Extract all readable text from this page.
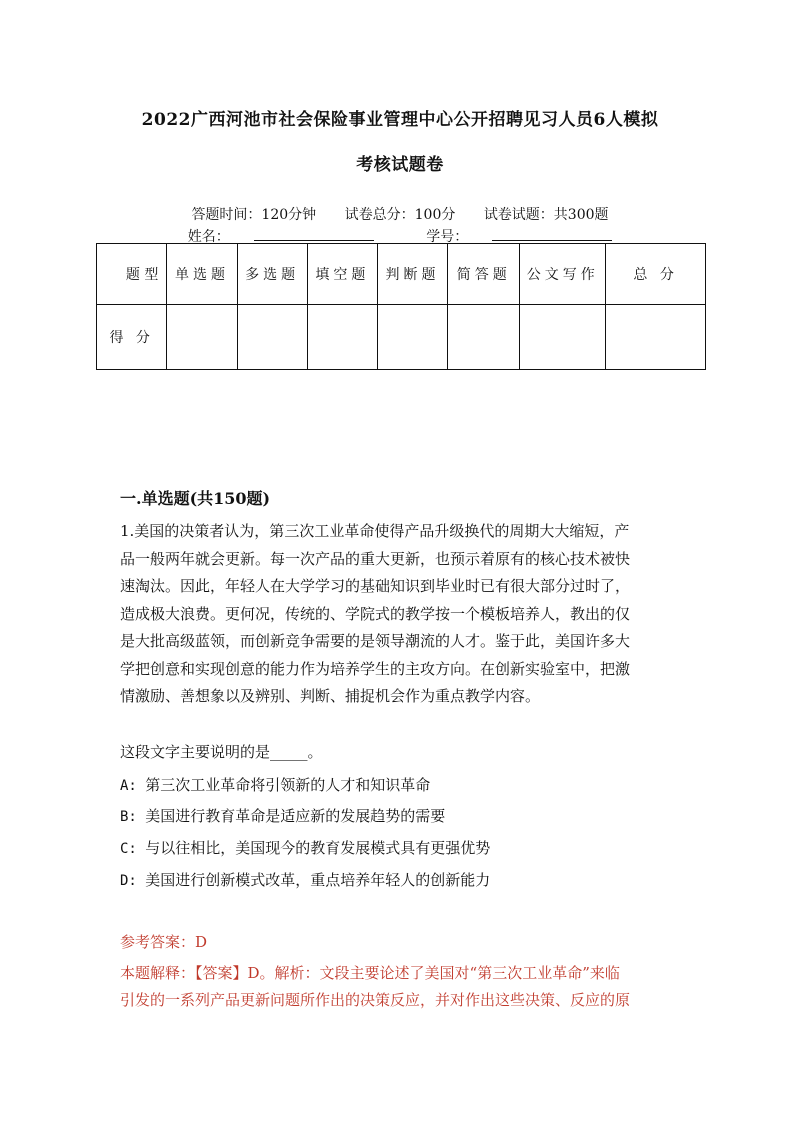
2022广西河池市社会保险事业管理中心公开招聘见习人员6人模拟
考核试题卷
答题时间：120分钟 试卷总分：100分 试卷试题：共300题
姓名：	学号：
题 型	单选题	多选题	填空题	判断题	简答题	公文写作	总 分
得 分							
一.单选题(共150题)
1.美国的决策者认为，第三次工业革命使得产品升级换代的周期大大缩短，产
品一般两年就会更新。每一次产品的重大更新，也预示着原有的核心技术被快
速淘汰。因此，年轻人在大学学习的基础知识到毕业时已有很大部分过时了，
造成极大浪费。更何况，传统的、学院式的教学按一个模板培养人，教出的仅
是大批高级蓝领，而创新竞争需要的是领导潮流的人才。鉴于此，美国许多大
学把创意和实现创意的能力作为培养学生的主攻方向。在创新实验室中，把激
情激励、善想象以及辨别、判断、捕捉机会作为重点教学内容。
这段文字主要说明的是_____。
A: 第三次工业革命将引领新的人才和知识革命
B: 美国进行教育革命是适应新的发展趋势的需要
C: 与以往相比，美国现今的教育发展模式具有更强优势
D: 美国进行创新模式改革，重点培养年轻人的创新能力
参考答案：D
本题解释：【答案】D。解析：文段主要论述了美国对“第三次工业革命”来临
引发的一系列产品更新问题所作出的决策反应，并对作出这些决策、反应的原
